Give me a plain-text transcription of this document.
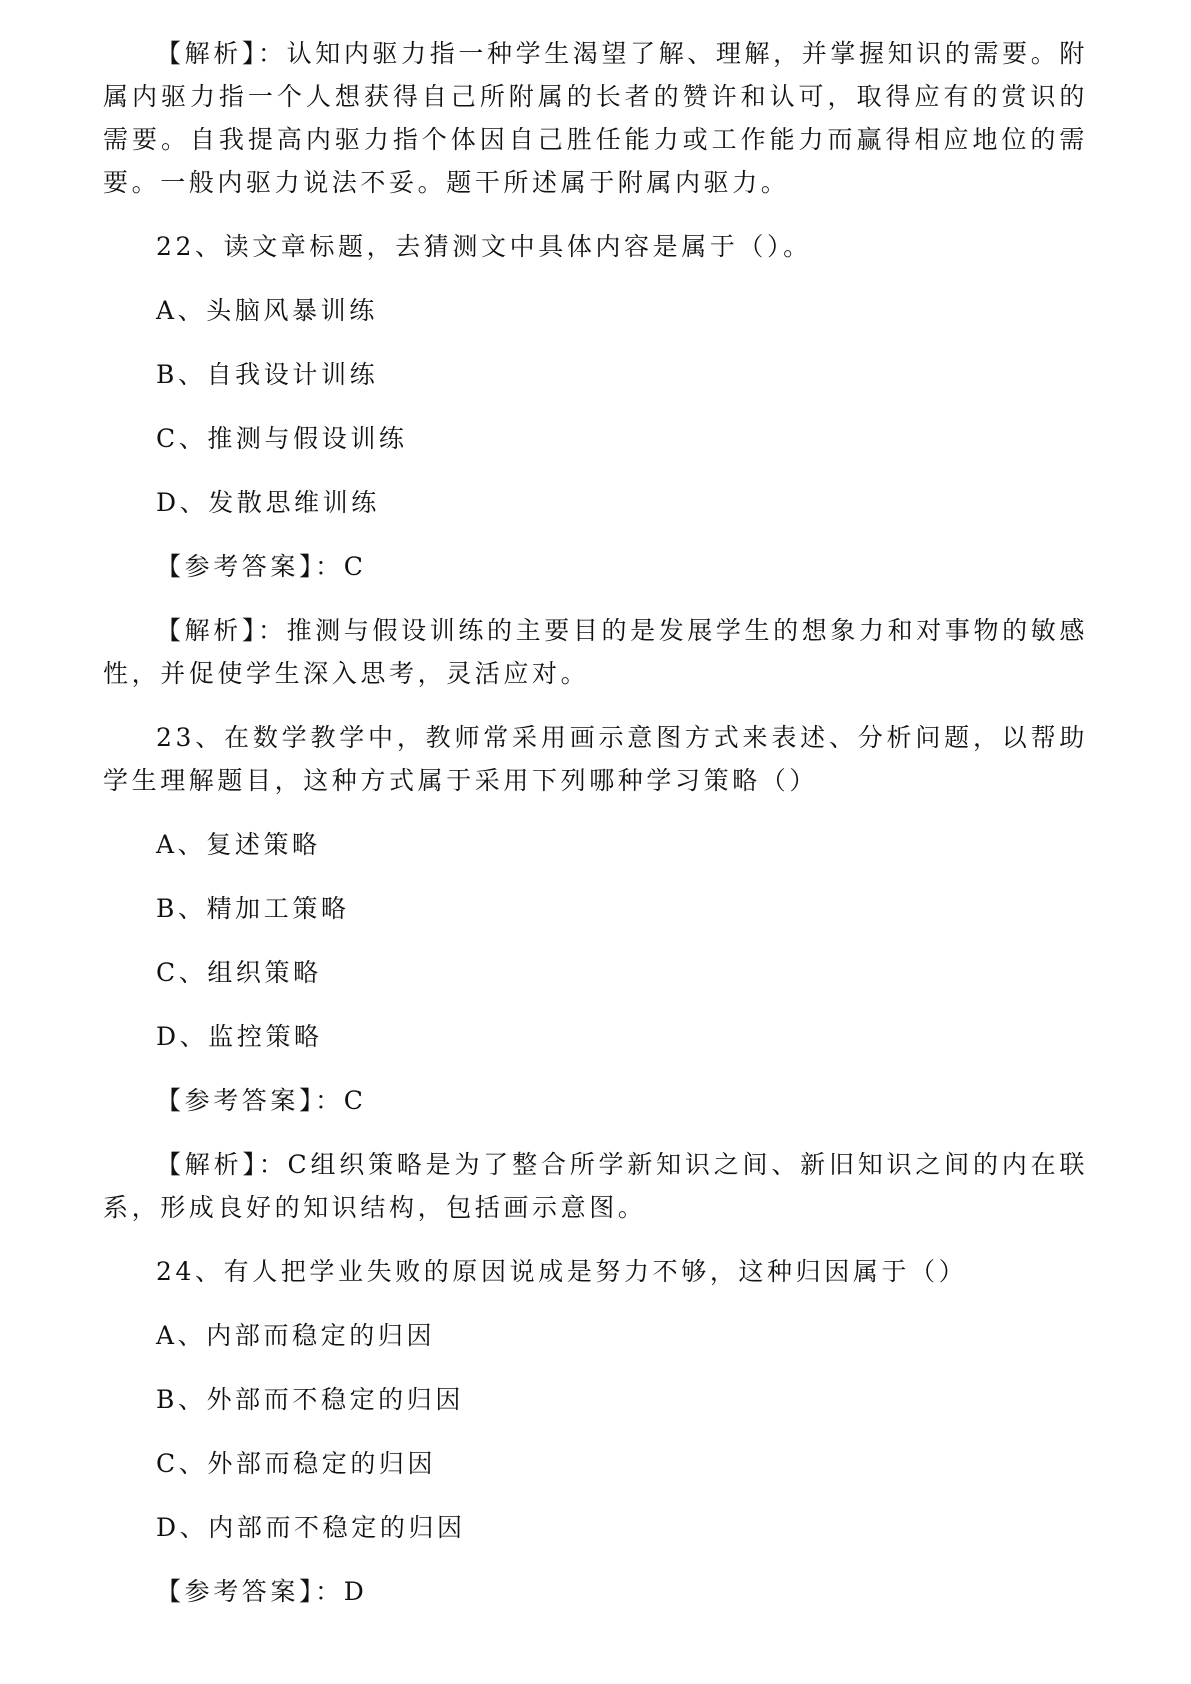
【解析】：认知内驱力指一种学生渴望了解、理解，并掌握知识的需要。附属内驱力指一个人想获得自己所附属的长者的赞许和认可，取得应有的赏识的需要。自我提高内驱力指个体因自己胜任能力或工作能力而赢得相应地位的需要。一般内驱力说法不妥。题干所述属于附属内驱力。

22、读文章标题，去猜测文中具体内容是属于（）。

A、头脑风暴训练

B、自我设计训练

C、推测与假设训练

D、发散思维训练

【参考答案】：C

【解析】：推测与假设训练的主要目的是发展学生的想象力和对事物的敏感性，并促使学生深入思考，灵活应对。

23、在数学教学中，教师常采用画示意图方式来表述、分析问题，以帮助学生理解题目，这种方式属于采用下列哪种学习策略（）

A、复述策略

B、精加工策略

C、组织策略

D、监控策略

【参考答案】：C

【解析】：C组织策略是为了整合所学新知识之间、新旧知识之间的内在联系，形成良好的知识结构，包括画示意图。

24、有人把学业失败的原因说成是努力不够，这种归因属于（）

A、内部而稳定的归因

B、外部而不稳定的归因

C、外部而稳定的归因

D、内部而不稳定的归因

【参考答案】：D
